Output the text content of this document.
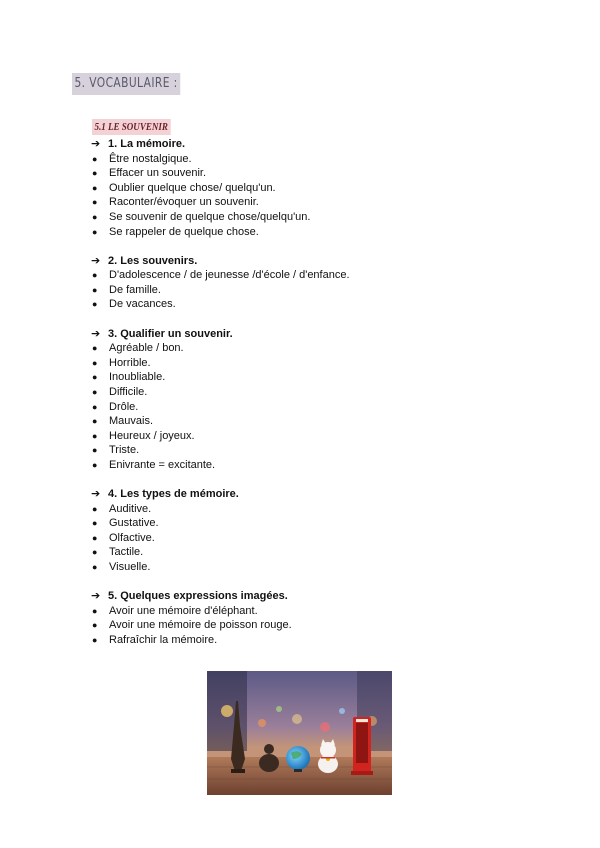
5. VOCABULAIRE :
5.1 LE SOUVENIR
➔ 1. La mémoire.
●	Être nostalgique.
●	Effacer un souvenir.
●	Oublier quelque chose/ quelqu'un.
●	Raconter/évoquer un souvenir.
●	Se souvenir de quelque chose/quelqu'un.
●	Se rappeler de quelque chose.
➔ 2. Les souvenirs.
●	D'adolescence / de jeunesse /d'école / d'enfance.
●	De famille.
●	De vacances.
➔ 3. Qualifier un souvenir.
●	Agréable / bon.
●	Horrible.
●	Inoubliable.
●	Difficile.
●	Drôle.
●	Mauvais.
●	Heureux / joyeux.
●	Triste.
●	Enivrante = excitante.
➔ 4. Les types de mémoire.
●	Auditive.
●	Gustative.
●	Olfactive.
●	Tactile.
●	Visuelle.
➔ 5. Quelques expressions imagées.
●	Avoir une mémoire d'éléphant.
●	Avoir une mémoire de poisson rouge.
●	Rafraîchir la mémoire.
